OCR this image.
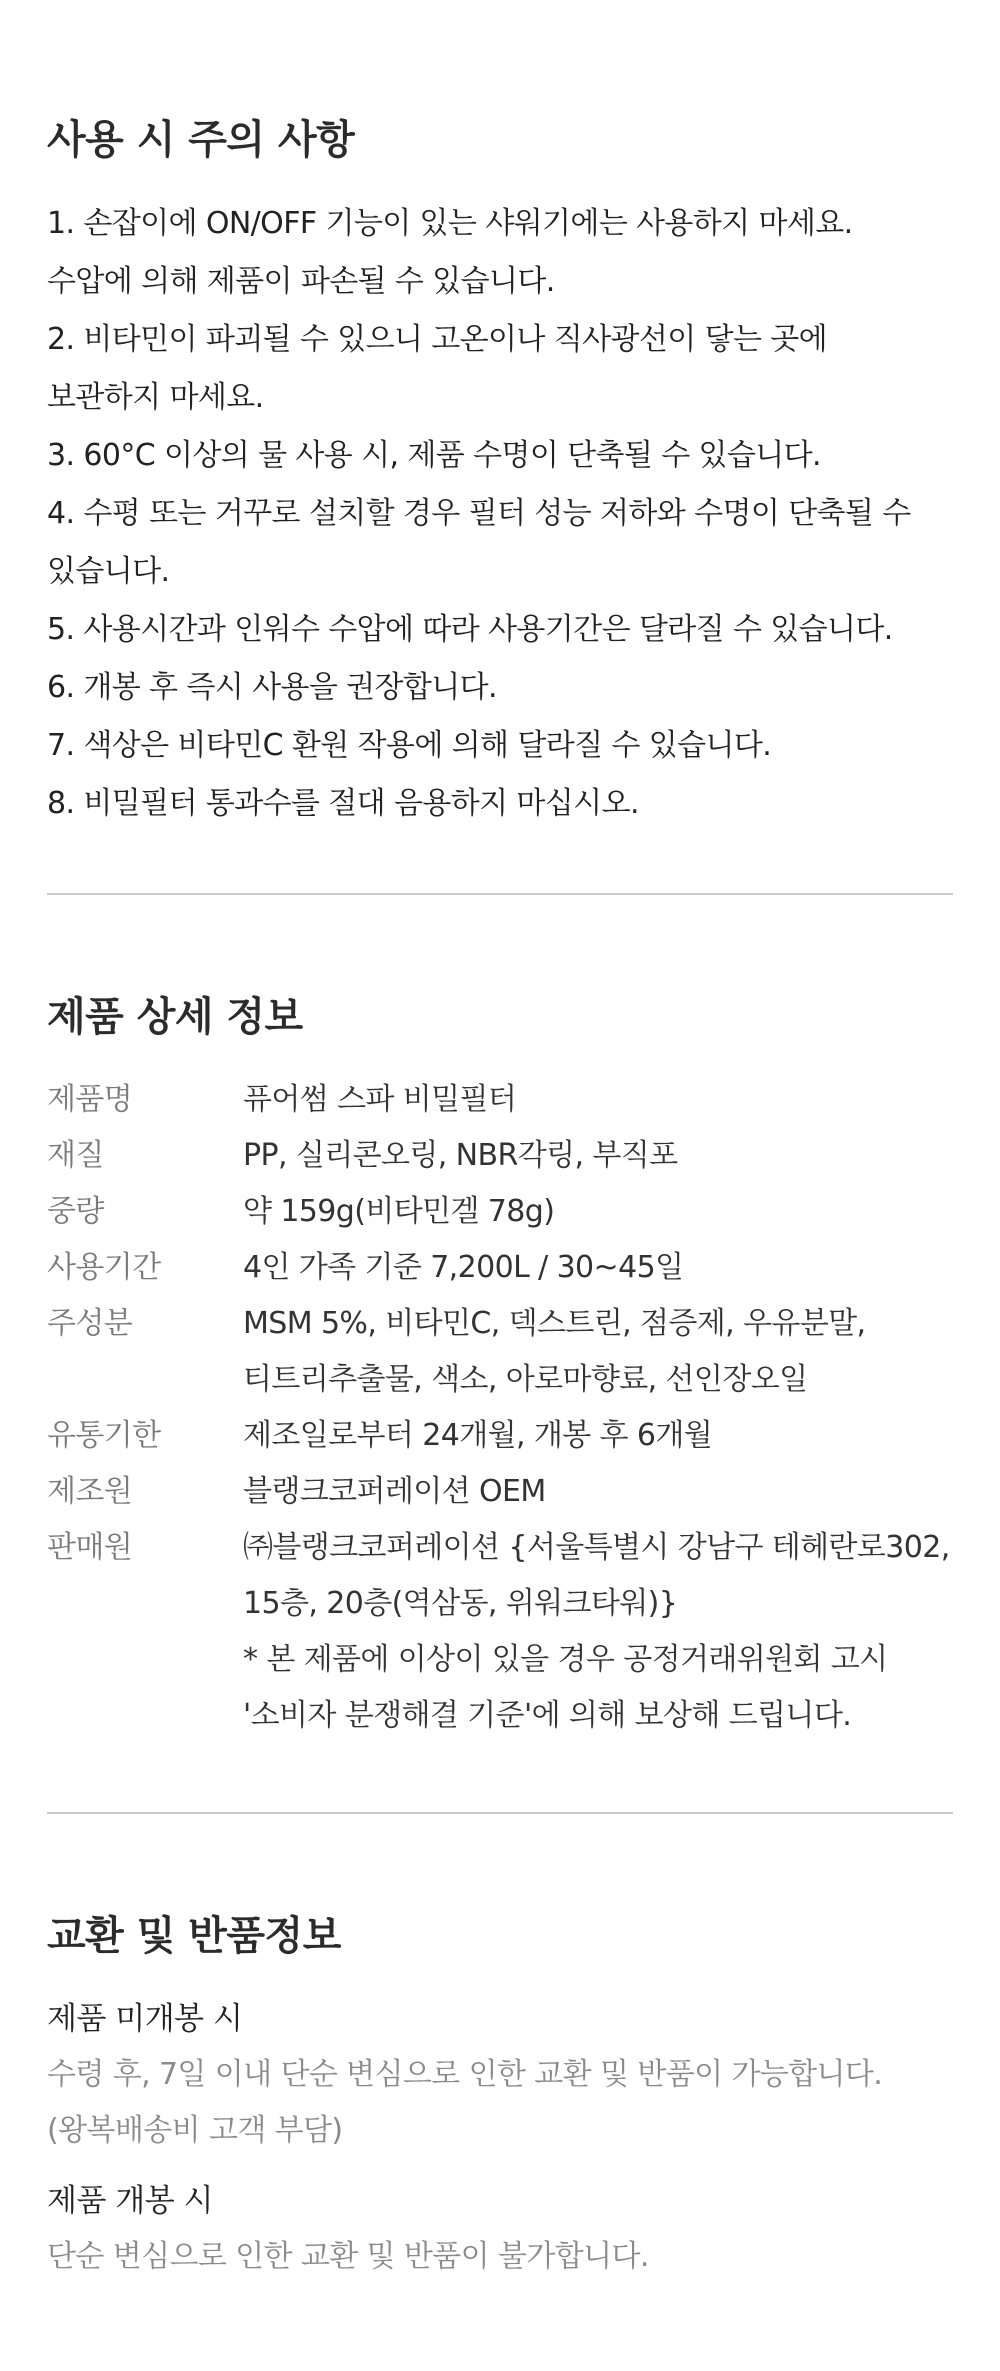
사용 시 주의 사항
1. 손잡이에 ON/OFF 기능이 있는 샤워기에는 사용하지 마세요.
수압에 의해 제품이 파손될 수 있습니다.
2. 비타민이 파괴될 수 있으니 고온이나 직사광선이 닿는 곳에
보관하지 마세요.
3. 60°C 이상의 물 사용 시, 제품 수명이 단축될 수 있습니다.
4. 수평 또는 거꾸로 설치할 경우 필터 성능 저하와 수명이 단축될 수
있습니다.
5. 사용시간과 인워수 수압에 따라 사용기간은 달라질 수 있습니다.
6. 개봉 후 즉시 사용을 권장합니다.
7. 색상은 비타민C 환원 작용에 의해 달라질 수 있습니다.
8. 비밀필터 통과수를 절대 음용하지 마십시오.
제품 상세 정보
제품명	퓨어썸 스파 비밀필터
재질	PP, 실리콘오링, NBR각링, 부직포
중량	약 159g(비타민겔 78g)
사용기간	4인 가족 기준 7,200L / 30~45일
주성분	MSM 5%, 비타민C, 덱스트린, 점증제, 우유분말,
티트리추출물, 색소, 아로마향료, 선인장오일
유통기한	제조일로부터 24개월, 개봉 후 6개월
제조원	블랭크코퍼레이션 OEM
판매원	㈜블랭크코퍼레이션 {서울특별시 강남구 테헤란로302,
15층, 20층(역삼동, 위워크타워)}
* 본 제품에 이상이 있을 경우 공정거래위원회 고시
'소비자 분쟁해결 기준'에 의해 보상해 드립니다.
교환 및 반품정보
제품 미개봉 시
수령 후, 7일 이내 단순 변심으로 인한 교환 및 반품이 가능합니다.
(왕복배송비 고객 부담)
제품 개봉 시
단순 변심으로 인한 교환 및 반품이 불가합니다.
